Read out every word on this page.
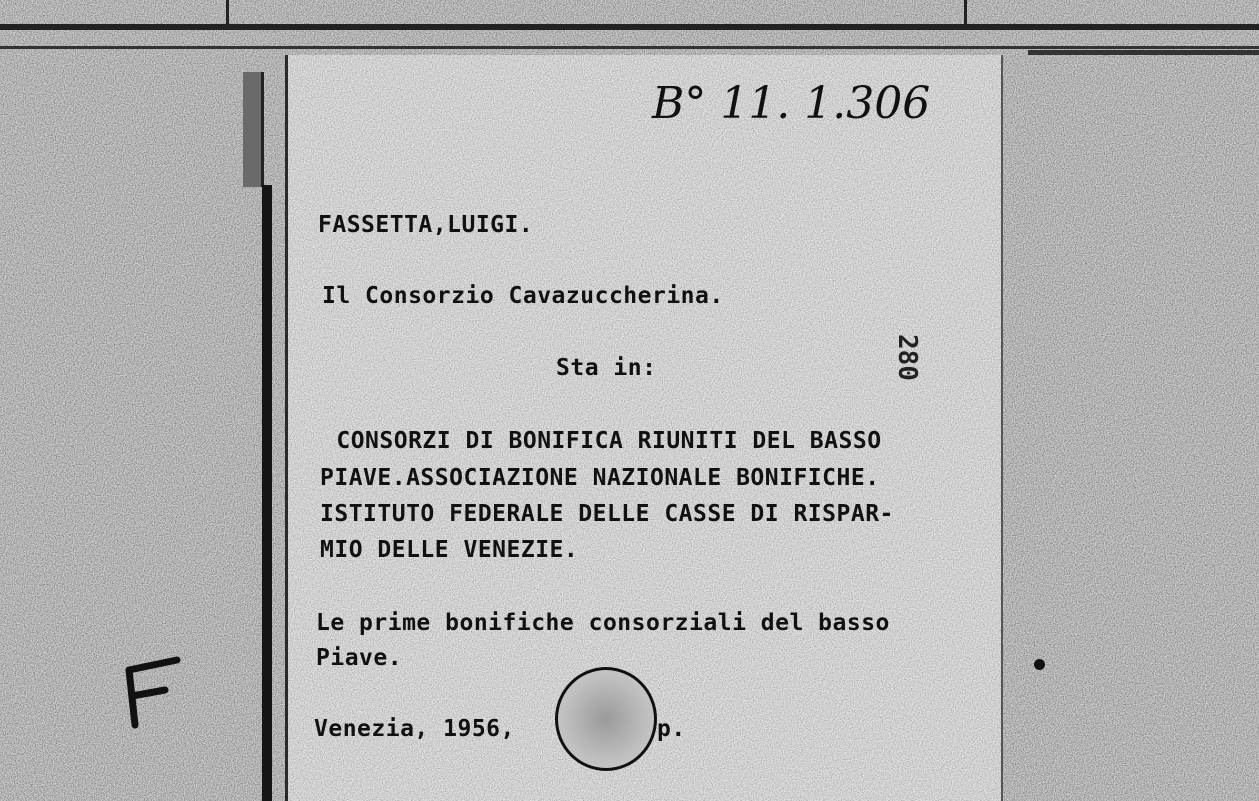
B° 11. 1.306
FASSETTA,LUIGI.
Il Consorzio Cavazuccherina.
Sta in:
CONSORZI DI BONIFICA RIUNITI DEL BASSO
PIAVE.ASSOCIAZIONE NAZIONALE BONIFICHE.
ISTITUTO FEDERALE DELLE CASSE DI RISPAR-
MIO DELLE VENEZIE.
Le prime bonifiche consorziali del basso
Piave.
Venezia, 1956,	p.
280
